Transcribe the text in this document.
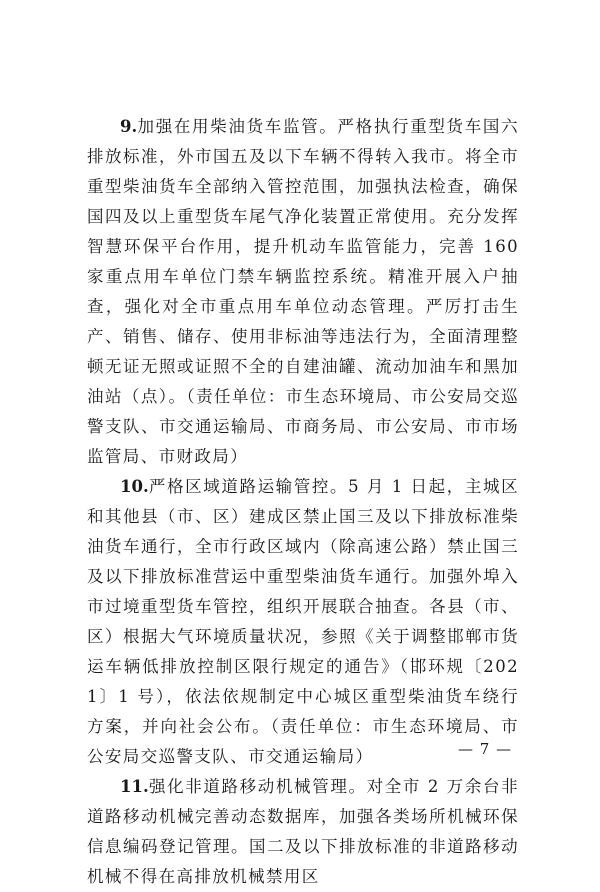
9.加强在用柴油货车监管。严格执行重型货车国六排放标准，外市国五及以下车辆不得转入我市。将全市重型柴油货车全部纳入管控范围，加强执法检查，确保国四及以上重型货车尾气净化装置正常使用。充分发挥智慧环保平台作用，提升机动车监管能力，完善 160 家重点用车单位门禁车辆监控系统。精准开展入户抽查，强化对全市重点用车单位动态管理。严厉打击生产、销售、储存、使用非标油等违法行为，全面清理整顿无证无照或证照不全的自建油罐、流动加油车和黑加油站（点）。（责任单位：市生态环境局、市公安局交巡警支队、市交通运输局、市商务局、市公安局、市市场监管局、市财政局）

10.严格区域道路运输管控。5 月 1 日起，主城区和其他县（市、区）建成区禁止国三及以下排放标准柴油货车通行，全市行政区域内（除高速公路）禁止国三及以下排放标准营运中重型柴油货车通行。加强外埠入市过境重型货车管控，组织开展联合抽查。各县（市、区）根据大气环境质量状况，参照《关于调整邯郸市货运车辆低排放控制区限行规定的通告》（邯环规〔2021〕1 号），依法依规制定中心城区重型柴油货车绕行方案，并向社会公布。（责任单位：市生态环境局、市公安局交巡警支队、市交通运输局）

11.强化非道路移动机械管理。对全市 2 万余台非道路移动机械完善动态数据库，加强各类场所机械环保信息编码登记管理。国二及以下排放标准的非道路移动机械不得在高排放机械禁用区

— 7 —
